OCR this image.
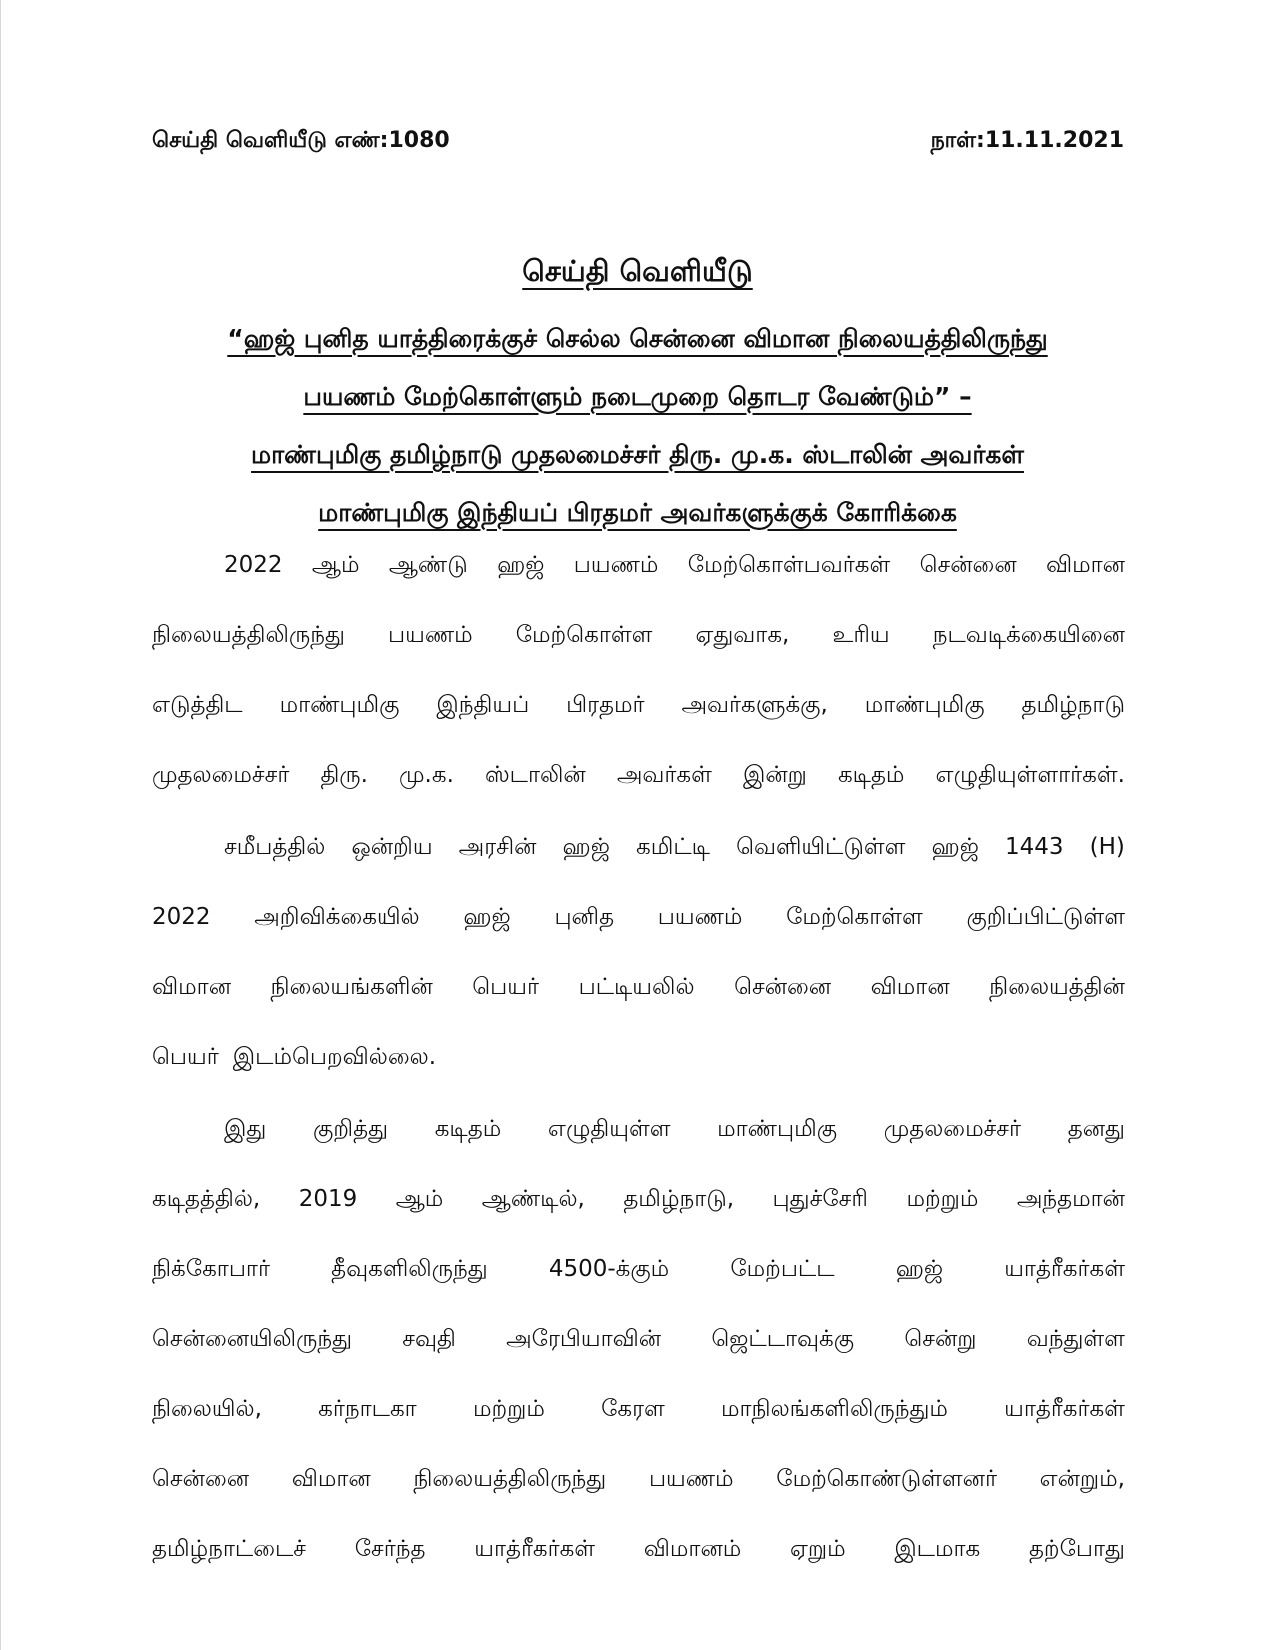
செய்தி வெளியீடு எண்:1080	நாள்:11.11.2021
செய்தி வெளியீடு
“ஹஜ் புனித யாத்திரைக்குச் செல்ல சென்னை விமான நிலையத்திலிருந்து
பயணம் மேற்கொள்ளும் நடைமுறை தொடர வேண்டும்” –
மாண்புமிகு தமிழ்நாடு முதலமைச்சர் திரு. மு.க. ஸ்டாலின் அவர்கள்
மாண்புமிகு இந்தியப் பிரதமர் அவர்களுக்குக் கோரிக்கை
2022 ஆம் ஆண்டு ஹஜ் பயணம் மேற்கொள்பவர்கள் சென்னை விமான
நிலையத்திலிருந்து பயணம் மேற்கொள்ள ஏதுவாக, உரிய நடவடிக்கையினை
எடுத்திட மாண்புமிகு இந்தியப் பிரதமர் அவர்களுக்கு, மாண்புமிகு தமிழ்நாடு
முதலமைச்சர் திரு. மு.க. ஸ்டாலின் அவர்கள் இன்று கடிதம் எழுதியுள்ளார்கள்.
சமீபத்தில் ஒன்றிய அரசின் ஹஜ் கமிட்டி வெளியிட்டுள்ள ஹஜ் 1443 (H)
2022 அறிவிக்கையில் ஹஜ் புனித பயணம் மேற்கொள்ள குறிப்பிட்டுள்ள
விமான நிலையங்களின் பெயர் பட்டியலில் சென்னை விமான நிலையத்தின்
பெயர் இடம்பெறவில்லை.
இது குறித்து கடிதம் எழுதியுள்ள மாண்புமிகு முதலமைச்சர் தனது
கடிதத்தில், 2019 ஆம் ஆண்டில், தமிழ்நாடு, புதுச்சேரி மற்றும் அந்தமான்
நிக்கோபார்	தீவுகளிலிருந்து	4500-க்கும்	மேற்பட்ட	ஹஜ்	யாத்ரீகர்கள்
சென்னையிலிருந்து சவுதி அரேபியாவின் ஜெட்டாவுக்கு சென்று வந்துள்ள
நிலையில், கர்நாடகா மற்றும் கேரள மாநிலங்களிலிருந்தும் யாத்ரீகர்கள்
சென்னை விமான நிலையத்திலிருந்து பயணம் மேற்கொண்டுள்ளனர் என்றும்,
தமிழ்நாட்டைச் சேர்ந்த யாத்ரீகர்கள் விமானம் ஏறும் இடமாக தற்போது
